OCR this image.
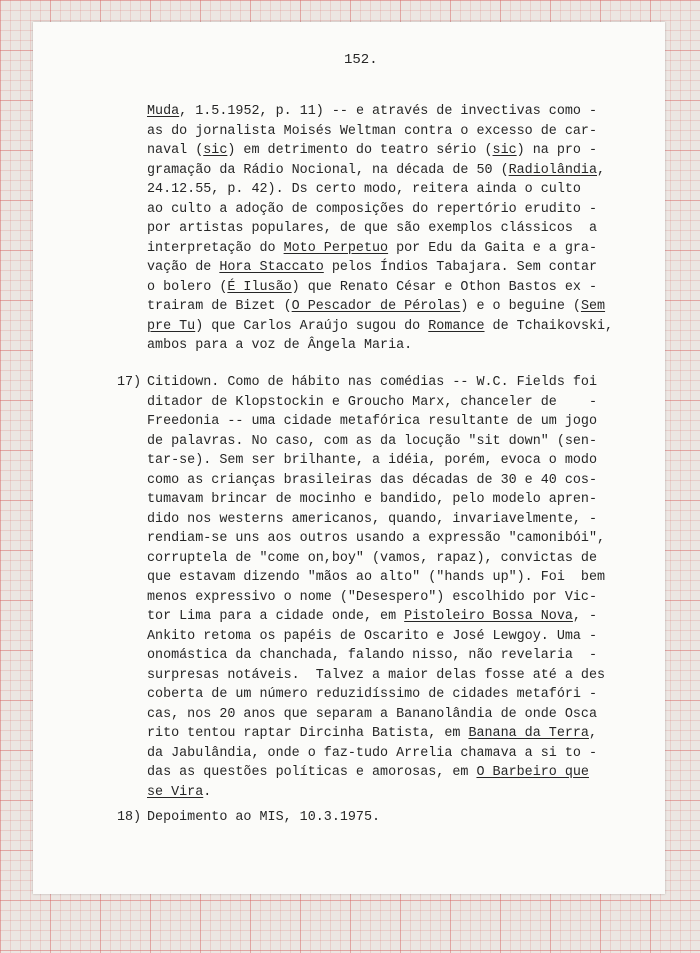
152.
Muda, 1.5.1952, p. 11) -- e através de invectivas como -
as do jornalista Moisés Weltman contra o excesso de car-
naval (sic) em detrimento do teatro sério (sic) na pro -
gramação da Rádio Nocional, na década de 50 (Radiolândia,
24.12.55, p. 42). Ds certo modo, reitera ainda o culto
ao culto a adoção de composições do repertório erudito -
por artistas populares, de que são exemplos clássicos  a
interpretação do Moto Perpetuo por Edu da Gaita e a gra-
vação de Hora Staccato pelos Índios Tabajara. Sem contar
o bolero (É Ilusão) que Renato César e Othon Bastos ex -
trairam de Bizet (O Pescador de Pérolas) e o beguine (Sem
pre Tu) que Carlos Araújo sugou do Romance de Tchaikovski,
ambos para a voz de Ângela Maria.
17) Citidown. Como de hábito nas comédias -- W.C. Fields foi
ditador de Klopstockin e Groucho Marx, chanceler de    -
Freedonia -- uma cidade metafórica resultante de um jogo
de palavras. No caso, com as da locução "sit down" (sen-
tar-se). Sem ser brilhante, a idéia, porém, evoca o modo
como as crianças brasileiras das décadas de 30 e 40 cos-
tumavam brincar de mocinho e bandido, pelo modelo apren-
dido nos westerns americanos, quando, invariavelmente, -
rendiam-se uns aos outros usando a expressão "camonibói",
corruptela de "come on,boy" (vamos, rapaz), convictas de
que estavam dizendo "mãos ao alto" ("hands up"). Foi  bem
menos expressivo o nome ("Desespero") escolhido por Vic-
tor Lima para a cidade onde, em Pistoleiro Bossa Nova, -
Ankito retoma os papéis de Oscarito e José Lewgoy. Uma -
onomástica da chanchada, falando nisso, não revelaria  -
surpresas notáveis.  Talvez a maior delas fosse até a des
coberta de um número reduzidíssimo de cidades metafóri -
cas, nos 20 anos que separam a Bananolândia de onde Osca
rito tentou raptar Dircinha Batista, em Banana da Terra,
da Jabulândia, onde o faz-tudo Arrelia chamava a si to -
das as questões políticas e amorosas, em O Barbeiro que
se Vira.
18) Depoimento ao MIS, 10.3.1975.
